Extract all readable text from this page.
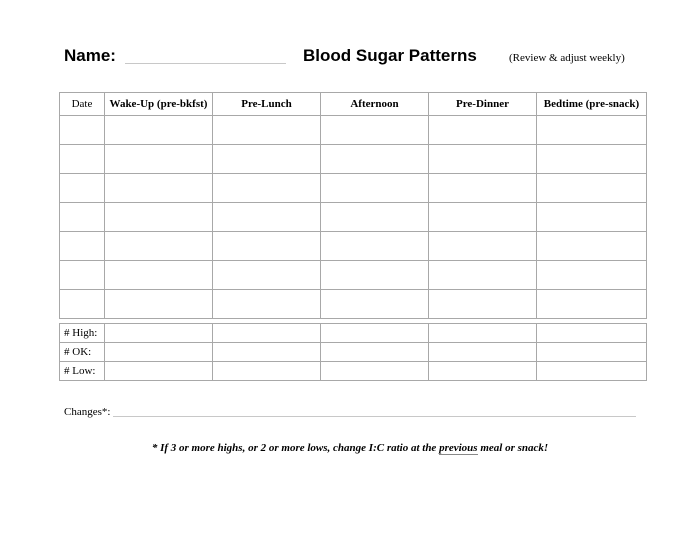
Name:	Blood Sugar Patterns	(Review & adjust weekly)
Date	Wake-Up (pre-bkfst)	Pre-Lunch	Afternoon	Pre-Dinner	Bedtime (pre-snack)

# High:					
# OK:					
# Low:					
Changes*:
* If 3 or more highs, or 2 or more lows, change I:C ratio at the previous meal or snack!
